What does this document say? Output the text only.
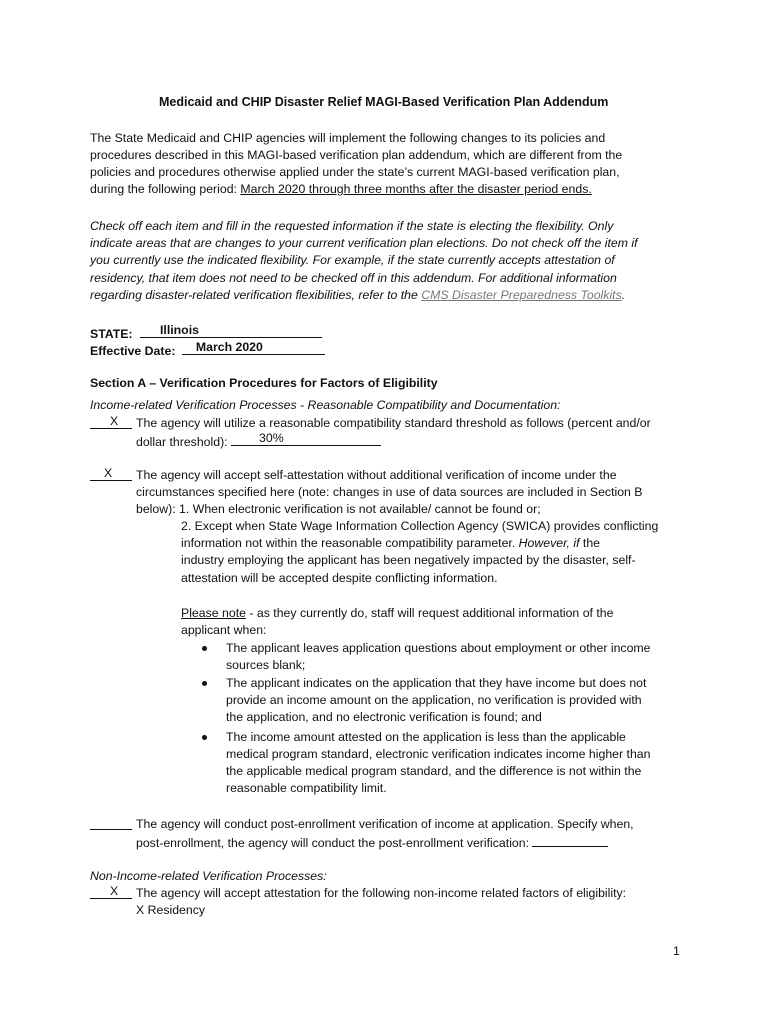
Medicaid and CHIP Disaster Relief MAGI-Based Verification Plan Addendum
The State Medicaid and CHIP agencies will implement the following changes to its policies and
procedures described in this MAGI-based verification plan addendum, which are different from the
policies and procedures otherwise applied under the state’s current MAGI-based verification plan,
during the following period: March 2020 through three months after the disaster period ends.
Check off each item and fill in the requested information if the state is electing the flexibility. Only
indicate areas that are changes to your current verification plan elections. Do not check off the item if
you currently use the indicated flexibility. For example, if the state currently accepts attestation of
residency, that item does not need to be checked off in this addendum. For additional information
regarding disaster-related verification flexibilities, refer to the CMS Disaster Preparedness Toolkits.
STATE: Illinois
Effective Date: March 2020
Section A – Verification Procedures for Factors of Eligibility
Income-related Verification Processes - Reasonable Compatibility and Documentation:
X The agency will utilize a reasonable compatibility standard threshold as follows (percent and/or
dollar threshold):	30%
X The agency will accept self-attestation without additional verification of income under the
circumstances specified here (note: changes in use of data sources are included in Section B
below): 1. When electronic verification is not available/ cannot be found or;
2. Except when State Wage Information Collection Agency (SWICA) provides conflicting
information not within the reasonable compatibility parameter. However, if the
industry employing the applicant has been negatively impacted by the disaster, self-
attestation will be accepted despite conflicting information.
Please note - as they currently do, staff will request additional information of the
applicant when:
The applicant leaves application questions about employment or other income
sources blank;
The applicant indicates on the application that they have income but does not
provide an income amount on the application, no verification is provided with
the application, and no electronic verification is found; and
The income amount attested on the application is less than the applicable
medical program standard, electronic verification indicates income higher than
the applicable medical program standard, and the difference is not within the
reasonable compatibility limit.
The agency will conduct post-enrollment verification of income at application. Specify when,
post-enrollment, the agency will conduct the post-enrollment verification:
Non-Income-related Verification Processes:
X The agency will accept attestation for the following non-income related factors of eligibility:
X Residency
1
